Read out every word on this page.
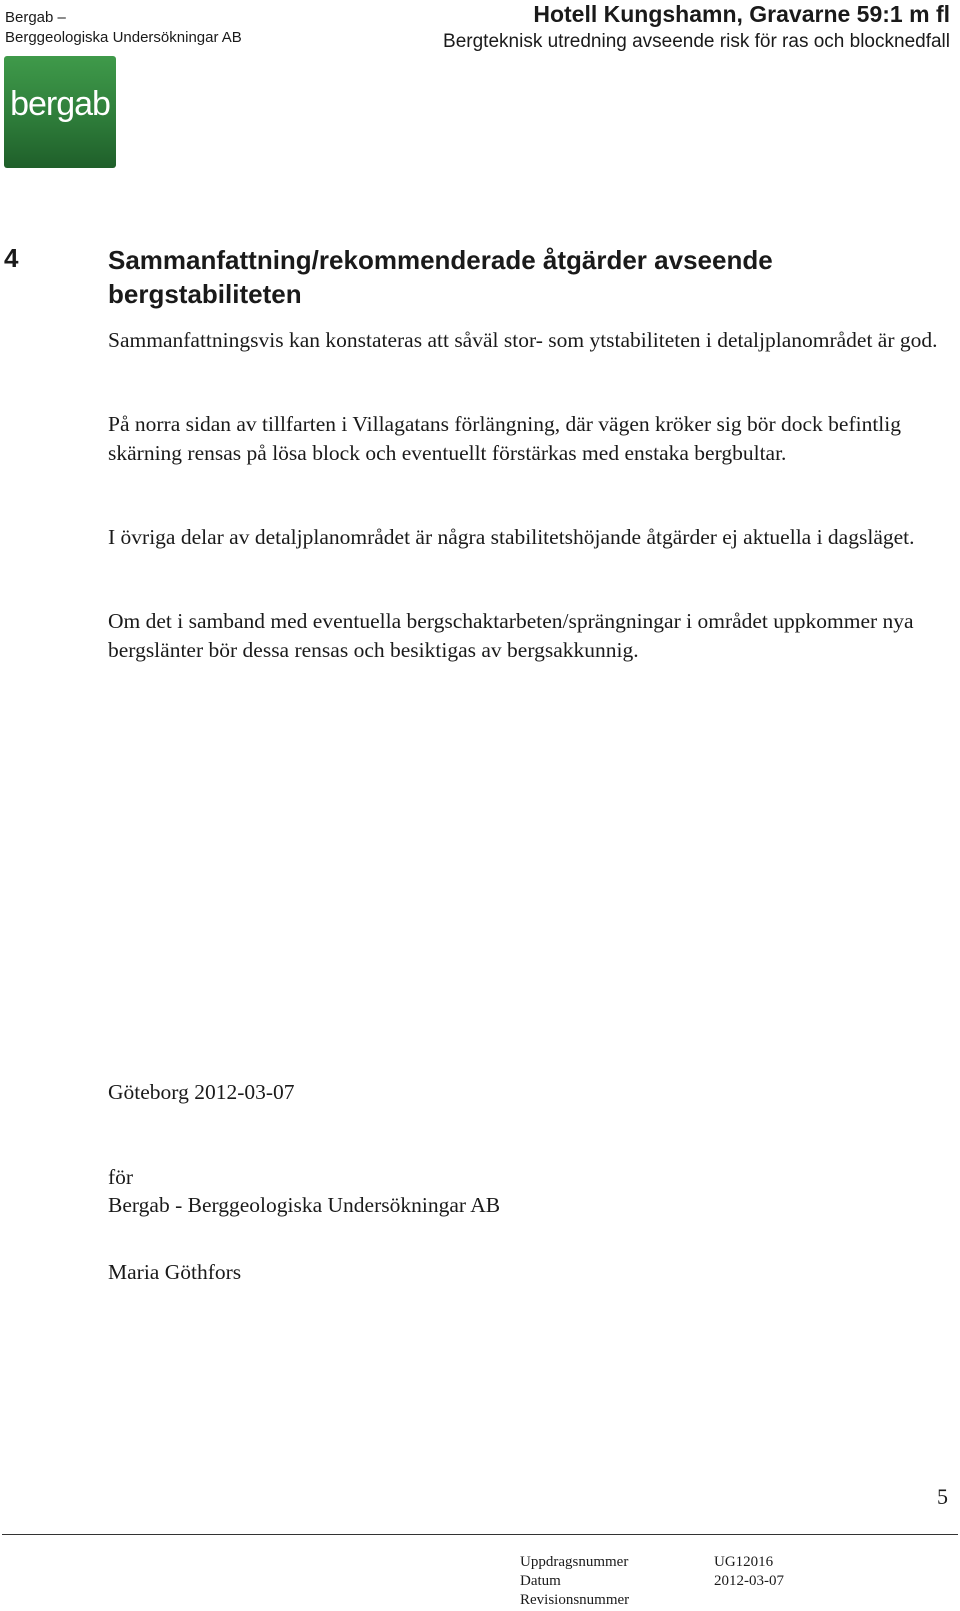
Bergab –
Berggeologiska Undersökningar AB
Hotell Kungshamn, Gravarne 59:1 m fl
Bergteknisk utredning avseende risk för ras och blocknedfall
bergab
4	Sammanfattning/rekommenderade åtgärder avseende bergstabiliteten

Sammanfattningsvis kan konstateras att såväl stor- som ytstabiliteten i detaljplanområdet är god.

På norra sidan av tillfarten i Villagatans förlängning, där vägen kröker sig bör dock befintlig skärning rensas på lösa block och eventuellt förstärkas med enstaka bergbultar.

I övriga delar av detaljplanområdet är några stabilitetshöjande åtgärder ej aktuella i dagsläget.

Om det i samband med eventuella bergschaktarbeten/sprängningar i området uppkommer nya bergslänter bör dessa rensas och besiktigas av bergsakkunnig.

Göteborg 2012-03-07
för
Bergab - Berggeologiska Undersökningar AB
Maria Göthfors
5
Uppdragsnummer	UG12016
Datum	2012-03-07
Revisionsnummer
